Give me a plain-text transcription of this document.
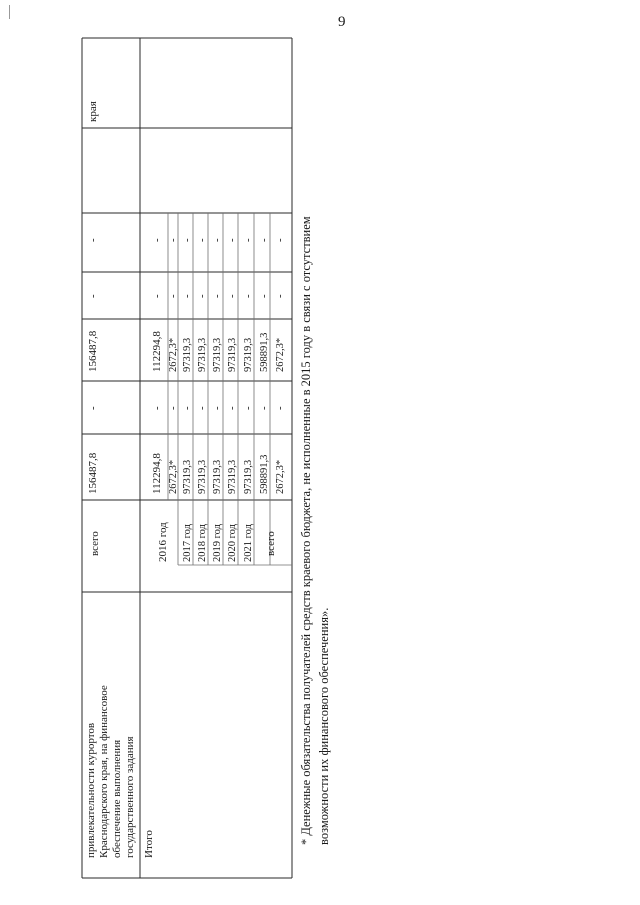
9
привлекательности курортов Краснодарского края, на финансовое обеспечение выполнения государственного задания
всего
156487,8
-
156487,8
-
-
края
Итого
2016 год 2017 год 2018 год 2019 год 2020 год 2021 год всего
112294,8 2672,3* 97319,3 97319,3 97319,3 97319,3 97319,3 598891,3 2672,3*
- - - - - - - - -
112294,8 2672,3* 97319,3 97319,3 97319,3 97319,3 97319,3 598891,3 2672,3*
- - - - - - - - -
- - - - - - - - - * Денежные обязательства получателей средств краевого бюджета, не исполненные в 2015 году в связи с отсутствием возможности их финансового обеспечения».
